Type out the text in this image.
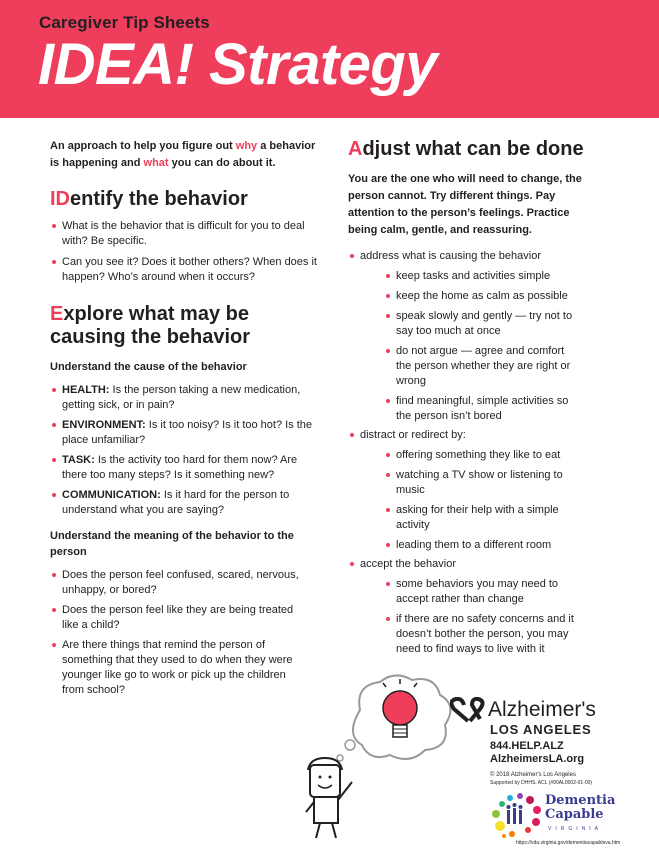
Caregiver Tip Sheets
IDEA! Strategy

An approach to help you figure out why a behavior is happening and what you can do about it.

IDentify the behavior
What is the behavior that is difficult for you to deal with? Be specific.
Can you see it? Does it bother others? When does it happen? Who’s around when it occurs?
Explore what may be causing the behavior
Understand the cause of the behavior
HEALTH: Is the person taking a new medication, getting sick, or in pain?
ENVIRONMENT: Is it too noisy? Is it too hot? Is the place unfamiliar?
TASK: Is the activity too hard for them now? Are there too many steps? Is it something new?
COMMUNICATION: Is it hard for the person to understand what you are saying?
Understand the meaning of the behavior to the person
Does the person feel confused, scared, nervous, unhappy, or bored?
Does the person feel like they are being treated like a child?
Are there things that remind the person of something that they used to do when they were younger like go to work or pick up the children from school?
Adjust what can be done

You are the one who will need to change, the person cannot. Try different things. Pay attention to the person’s feelings. Practice being calm, gentle, and reassuring.

address what is causing the behavior
keep tasks and activities simple
keep the home as calm as possible
speak slowly and gently — try not to say too much at once
do not argue — agree and comfort the person whether they are right or wrong
find meaningful, simple activities so the person isn’t bored
distract or redirect by:
offering something they like to eat
watching a TV show or listening to music
asking for their help with a simple activity
leading them to a different room
accept the behavior
some behaviors you may need to accept rather than change
if there are no safety concerns and it doesn’t bother the person, you may need to find ways to live with it
Alzheimer's
LOS ANGELES
844.HELP.ALZ
AlzheimersLA.org
© 2018 Alzheimer's Los Angeles
Supported by DHHS, ACL (#90AL0002-01-00)
Dementia
Capable
VIRGINIA
https://vda.virginia.gov/dementiacapableva.htm
